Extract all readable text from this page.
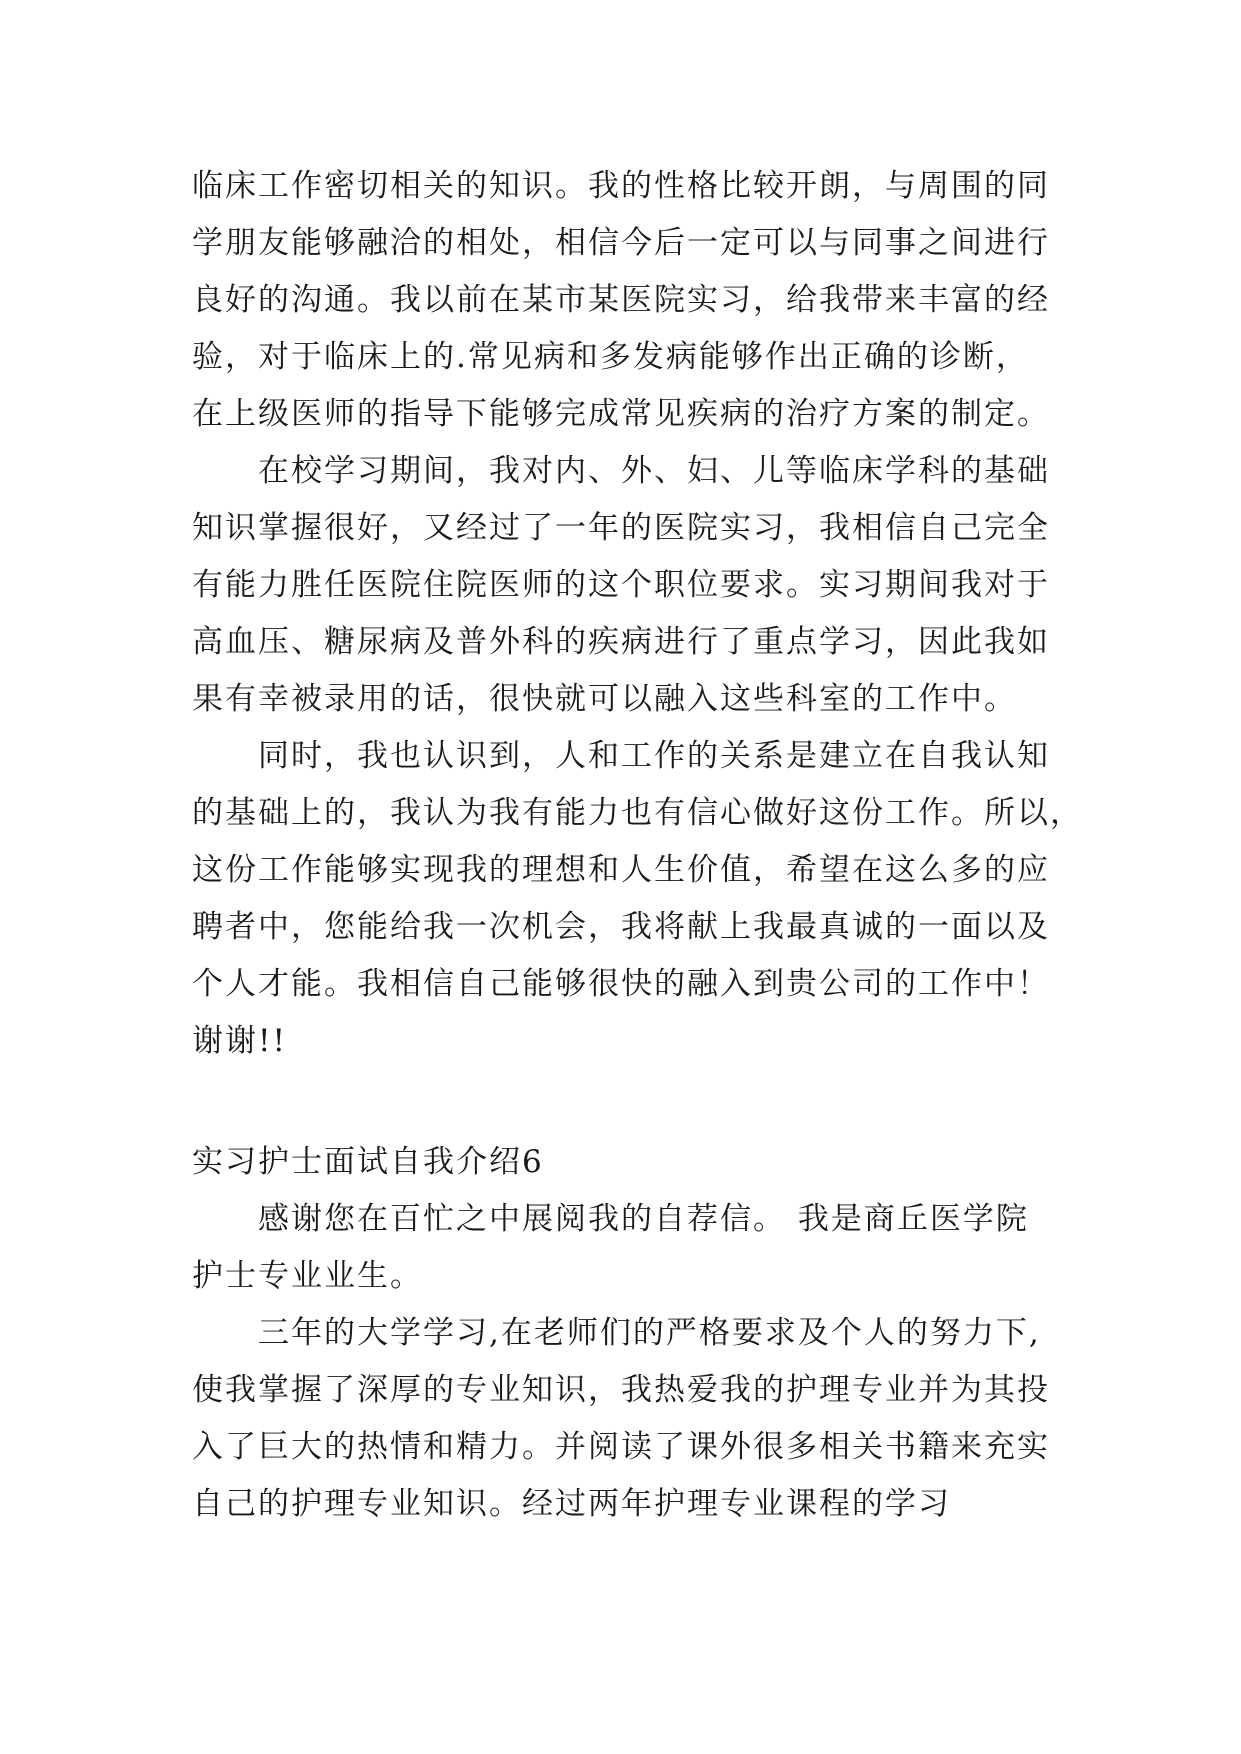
临床工作密切相关的知识。我的性格比较开朗，与周围的同
学朋友能够融洽的相处，相信今后一定可以与同事之间进行
良好的沟通。我以前在某市某医院实习，给我带来丰富的经
验，对于临床上的.常见病和多发病能够作出正确的诊断，
在上级医师的指导下能够完成常见疾病的治疗方案的制定。
在校学习期间，我对内、外、妇、儿等临床学科的基础
知识掌握很好，又经过了一年的医院实习，我相信自己完全
有能力胜任医院住院医师的这个职位要求。实习期间我对于
高血压、糖尿病及普外科的疾病进行了重点学习，因此我如
果有幸被录用的话，很快就可以融入这些科室的工作中。
同时，我也认识到，人和工作的关系是建立在自我认知
的基础上的，我认为我有能力也有信心做好这份工作。所以，
这份工作能够实现我的理想和人生价值，希望在这么多的应
聘者中，您能给我一次机会，我将献上我最真诚的一面以及
个人才能。我相信自己能够很快的融入到贵公司的工作中！
谢谢!!
实习护士面试自我介绍6
感谢您在百忙之中展阅我的自荐信。 我是商丘医学院
护士专业业生。
三年的大学学习,在老师们的严格要求及个人的努力下,
使我掌握了深厚的专业知识，我热爱我的护理专业并为其投
入了巨大的热情和精力。并阅读了课外很多相关书籍来充实
自己的护理专业知识。经过两年护理专业课程的学习
